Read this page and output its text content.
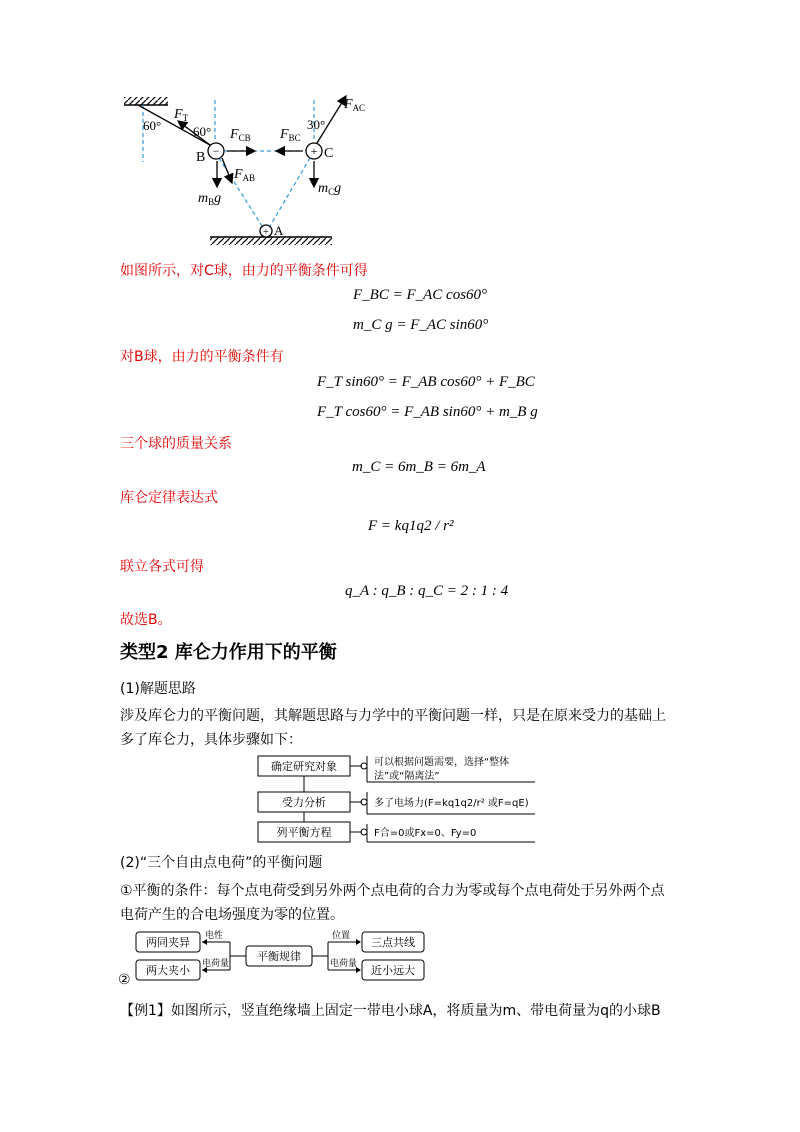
−	+
+
$F_T$
60° 60°	30°
$F_{CB}$ $F_{BC}$
$F_{AC}$
$F_{AB}$
B	C
A
$m_Bg$
$m_Cg$
如图所示，对C球，由力的平衡条件可得
F_BC = F_AC cos60°
m_C g = F_AC sin60°
对B球，由力的平衡条件有
F_T sin60° = F_AB cos60° + F_BC
F_T cos60° = F_AB sin60° + m_B g
三个球的质量关系
m_C = 6m_B = 6m_A
库仑定律表达式
F = kq1q2 / r²
联立各式可得
q_A : q_B : q_C = 2 : 1 : 4
故选B。
类型2 库仑力作用下的平衡
(1)解题思路
涉及库仑力的平衡问题，其解题思路与力学中的平衡问题一样，只是在原来受力的基础上
多了库仑力，具体步骤如下：
确定研究对象
受力分析
列平衡方程
可以根据问题需要，选择“整体
法”或“隔离法”
多了电场力(F=kq1q2/r² 或F=qE)
F合=0或Fx=0、Fy=0
(2)“三个自由点电荷”的平衡问题
①平衡的条件：每个点电荷受到另外两个点电荷的合力为零或每个点电荷处于另外两个点
电荷产生的合电场强度为零的位置。
两同夹异
两大夹小
平衡规律
三点共线
近小远大
电性
电荷量
位置
电荷量
②
【例1】如图所示，竖直绝缘墙上固定一带电小球A，将质量为m、带电荷量为q的小球B
